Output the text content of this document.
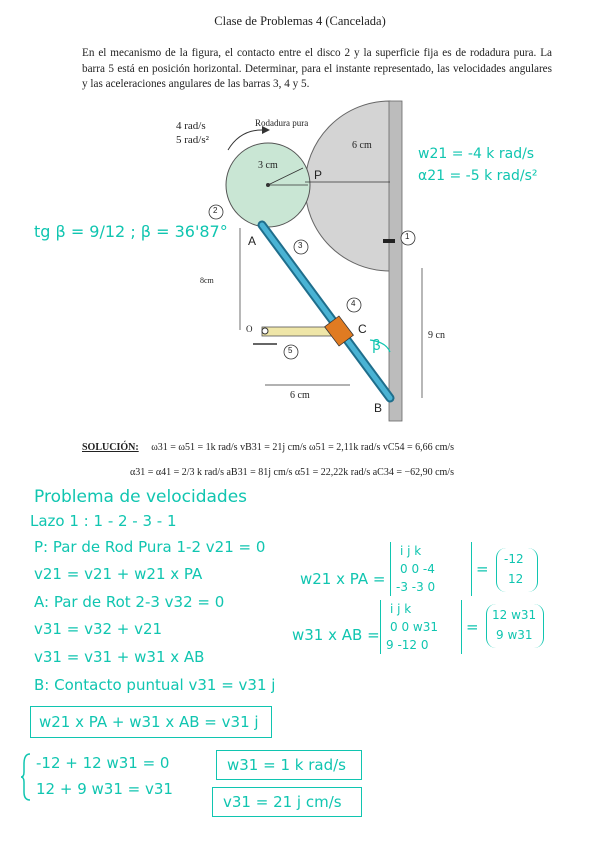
Clase de Problemas 4 (Cancelada)
En el mecanismo de la figura, el contacto entre el disco 2 y la superficie fija es de rodadura pura. La barra 5 está en posición horizontal. Determinar, para el instante representado, las velocidades angulares y las aceleraciones angulares de las barras 3, 4 y 5.
4 rad/s
5 rad/s²
Rodadura pura
3 cm
6 cm
8cm
9 cn
6 cm
P
A
B
C
O
β
2
3
4
5
1
tg β = 9/12 ; β = 36'87°
w21 = -4 k rad/s
α21 = -5 k rad/s²
SOLUCIÓN: ω31 = ω51 = 1k rad/s vB31 = 21j cm/s ω51 = 2,11k rad/s vC54 = 6,66 cm/s
α31 = α41 = 2/3 k rad/s aB31 = 81j cm/s α51 = 22,22k rad/s aC34 = −62,90 cm/s
Problema de velocidades
Lazo 1 : 1 - 2 - 3 - 1
P: Par de Rod Pura 1-2 v21 = 0
v21 = v21 + w21 x PA
A: Par de Rot 2-3 v32 = 0
v31 = v32 + v21
v31 = v31 + w31 x AB
B: Contacto puntual v31 = v31 j
w21 x PA + w31 x AB = v31 j
-12 + 12 w31 = 0
12 + 9 w31 = v31
w31 = 1 k rad/s
v31 = 21 j cm/s
w21 x PA =
i j k
0 0 -4
-3 -3 0
=
-12
12
w31 x AB =
i j k
0 0 w31
9 -12 0
=
12 w31
9 w31
